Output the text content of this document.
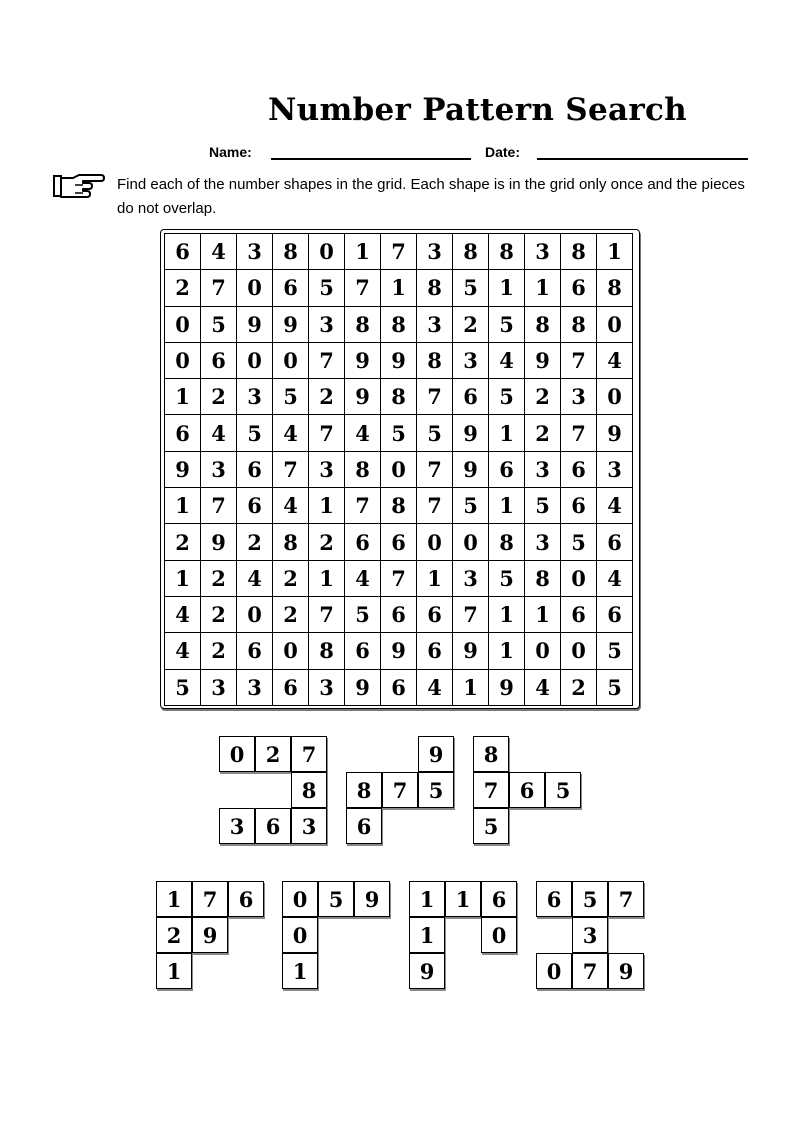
Number Pattern Search
Name:	Date:
Find each of the number shapes in the grid. Each shape is in the grid only once and the pieces do not overlap.
6	4	3	8	0	1	7	3	8	8	3	8	1
2	7	0	6	5	7	1	8	5	1	1	6	8
0	5	9	9	3	8	8	3	2	5	8	8	0
0	6	0	0	7	9	9	8	3	4	9	7	4
1	2	3	5	2	9	8	7	6	5	2	3	0
6	4	5	4	7	4	5	5	9	1	2	7	9
9	3	6	7	3	8	0	7	9	6	3	6	3
1	7	6	4	1	7	8	7	5	1	5	6	4
2	9	2	8	2	6	6	0	0	8	3	5	6
1	2	4	2	1	4	7	1	3	5	8	0	4
4	2	0	2	7	5	6	6	7	1	1	6	6
4	2	6	0	8	6	9	6	9	1	0	0	5
5	3	3	6	3	9	6	4	1	9	4	2	5
0	2	7
8
3	6	3
9
8	7	5
6
8
7	6	5
5
1	7	6
2	9
1
0	5	9
0
1
1	1	6
1	0
9
6	5	7
3
0	7	9
